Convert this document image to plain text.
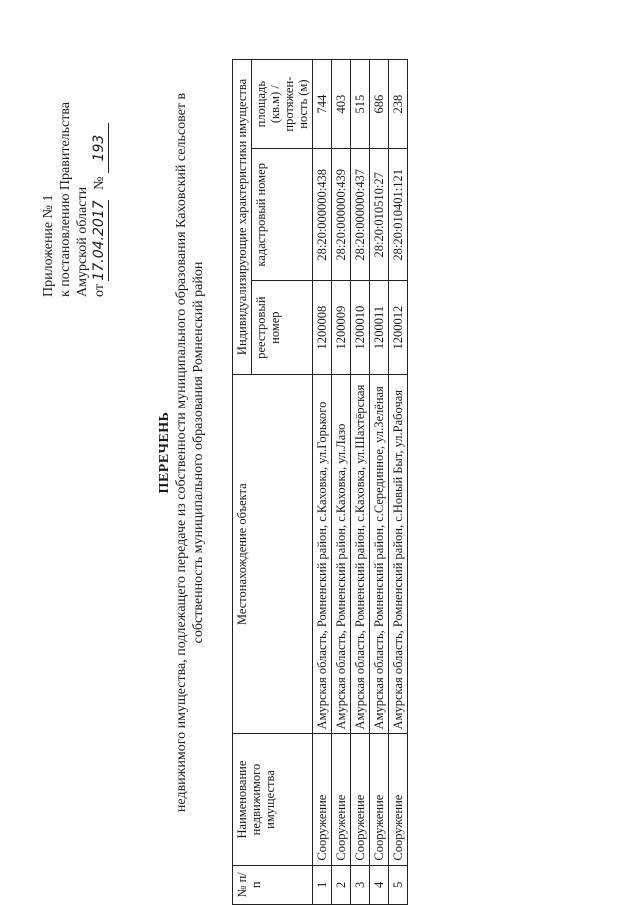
Приложение № 1 к постановлению Правительства Амурской области от 17.04.2017   № 193
ПЕРЕЧЕНЬ недвижимого имущества, подлежащего передаче из собственности муниципального образования Каховский сельсовет в собственность муниципального образования Ромненский район
№ п/п	Наименование недвижимого имущества	Местонахождение объекта	Индивидуализирующие характеристики имущества		
			реестровый номер	кадастровый номер	площадь (кв.м) / протяжен- ность (м)
1	Сооружение	Амурская область, Ромненский район, с.Каховка, ул.Горького	1200008	28:20:000000:438	744
2	Сооружение	Амурская область, Ромненский район, с.Каховка, ул.Лазо	1200009	28:20:000000:439	403
3	Сооружение	Амурская область, Ромненский район, с.Каховка, ул.Шахтёрская	1200010	28:20:000000:437	515
4	Сооружение	Амурская область, Ромненский район, с.Серединное, ул.Зелёная	1200011	28:20:010510:27	686
5	Сооружение	Амурская область, Ромненский район, с.Новый Быт, ул.Рабочая	1200012	28:20:010401:121	238
